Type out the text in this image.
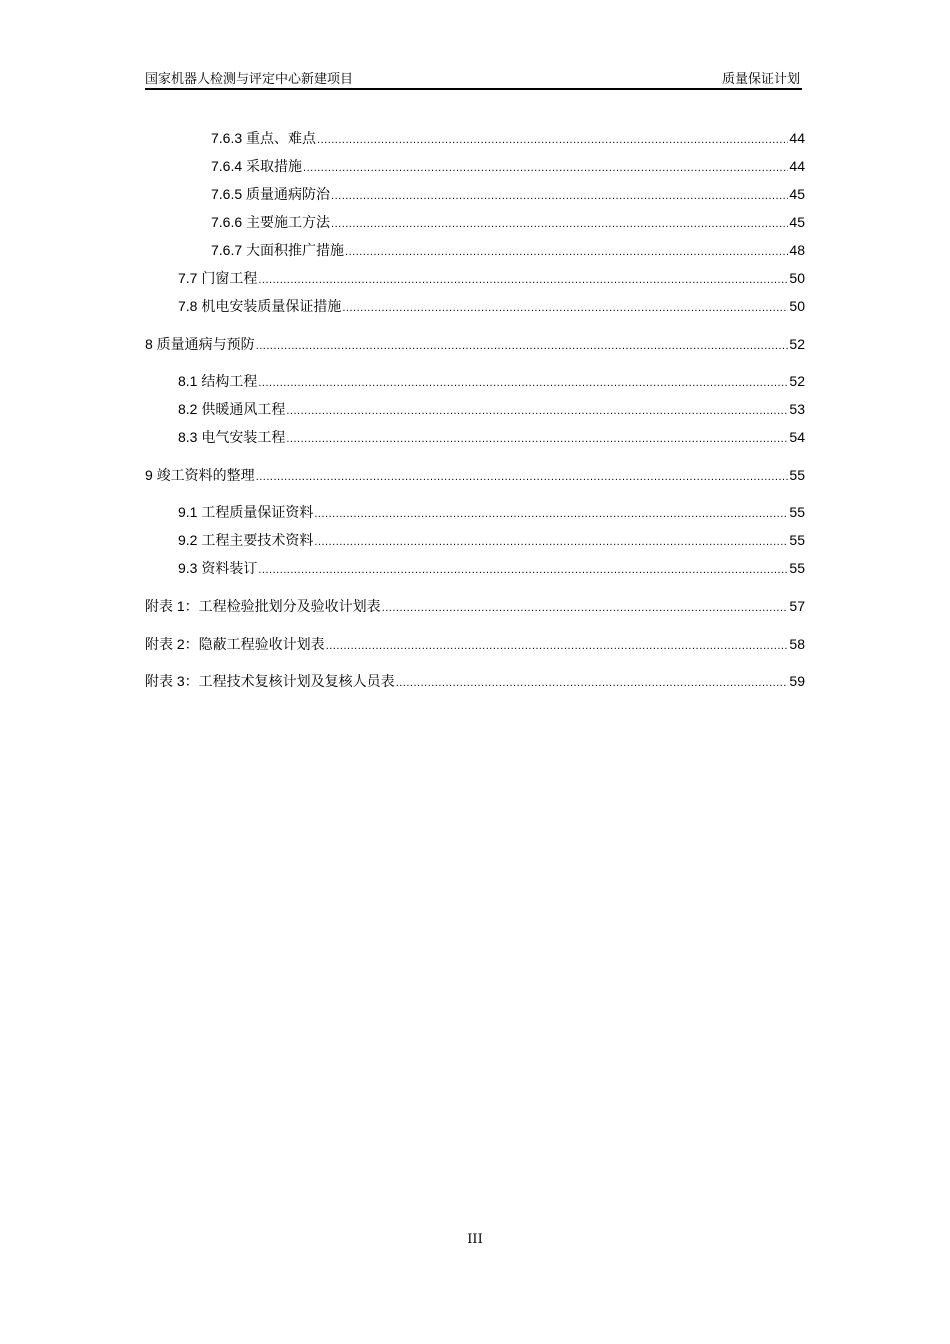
国家机器人检测与评定中心新建项目	质量保证计划
7.6.3 重点、难点 .....	44
7.6.4 采取措施 .....	44
7.6.5 质量通病防治 .....	45
7.6.6 主要施工方法 .....	45
7.6.7 大面积推广措施 .....	48
7.7 门窗工程 .....	50
7.8 机电安装质量保证措施 .....	50
8 质量通病与预防 .....	52
8.1 结构工程 .....	52
8.2 供暖通风工程 .....	53
8.3 电气安装工程 .....	54
9 竣工资料的整理 .....	55
9.1 工程质量保证资料 .....	55
9.2 工程主要技术资料 .....	55
9.3 资料装订 .....	55
附表 1：工程检验批划分及验收计划表 .....	57
附表 2：隐蔽工程验收计划表 .....	58
附表 3：工程技术复核计划及复核人员表 .....	59
III
